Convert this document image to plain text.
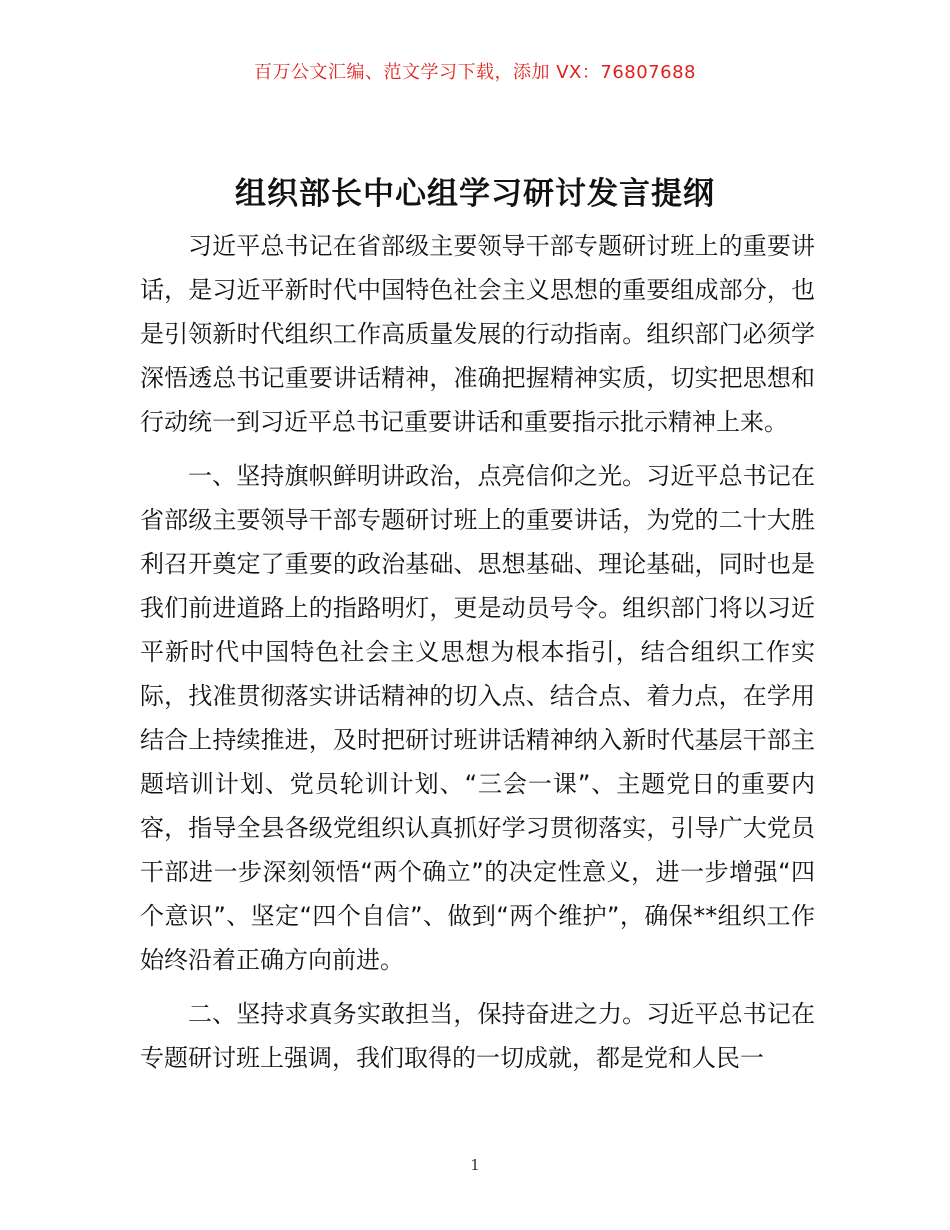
百万公文汇编、范文学习下载，添加 VX：76807688
组织部长中心组学习研讨发言提纲

习近平总书记在省部级主要领导干部专题研讨班上的重要讲话，是习近平新时代中国特色社会主义思想的重要组成部分，也是引领新时代组织工作高质量发展的行动指南。组织部门必须学深悟透总书记重要讲话精神，准确把握精神实质，切实把思想和行动统一到习近平总书记重要讲话和重要指示批示精神上来。

一、坚持旗帜鲜明讲政治，点亮信仰之光。习近平总书记在省部级主要领导干部专题研讨班上的重要讲话，为党的二十大胜利召开奠定了重要的政治基础、思想基础、理论基础，同时也是我们前进道路上的指路明灯，更是动员号令。组织部门将以习近平新时代中国特色社会主义思想为根本指引，结合组织工作实际，找准贯彻落实讲话精神的切入点、结合点、着力点，在学用结合上持续推进，及时把研讨班讲话精神纳入新时代基层干部主题培训计划、党员轮训计划、“三会一课”、主题党日的重要内容，指导全县各级党组织认真抓好学习贯彻落实，引导广大党员干部进一步深刻领悟“两个确立”的决定性意义，进一步增强“四个意识”、坚定“四个自信”、做到“两个维护”，确保**组织工作始终沿着正确方向前进。

二、坚持求真务实敢担当，保持奋进之力。习近平总书记在专题研讨班上强调，我们取得的一切成就，都是党和人民一

1
